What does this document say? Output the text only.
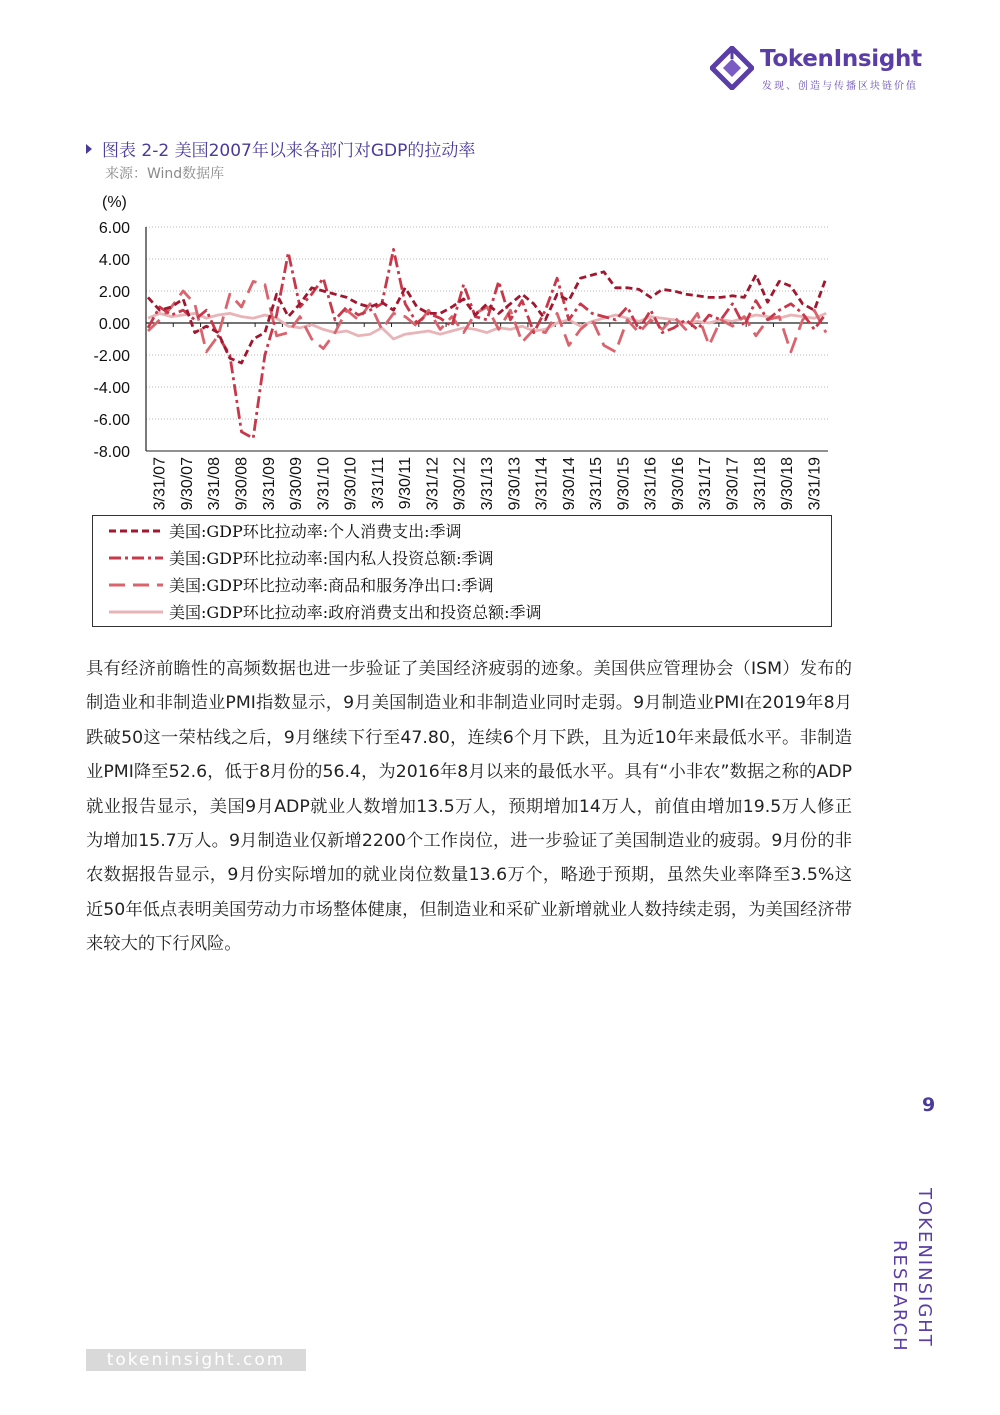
TokenInsight
发现、创造与传播区块链价值
图表 2-2 美国2007年以来各部门对GDP的拉动率
来源：Wind数据库
(%)
6.00
4.00
2.00
0.00
-2.00
-4.00
-6.00
-8.00
3/31/07 9/30/07 3/31/08 9/30/08 3/31/09 9/30/09 3/31/10 9/30/10 3/31/11 9/30/11 3/31/12 9/30/12 3/31/13 9/30/13 3/31/14 9/30/14 3/31/15 9/30/15 3/31/16 9/30/16 3/31/17 9/30/17 3/31/18 9/30/18 3/31/19
美国:GDP环比拉动率:个人消费支出:季调
美国:GDP环比拉动率:国内私人投资总额:季调
美国:GDP环比拉动率:商品和服务净出口:季调
美国:GDP环比拉动率:政府消费支出和投资总额:季调
具有经济前瞻性的高频数据也进一步验证了美国经济疲弱的迹象。美国供应管理协会（ISM）发布的制造业和非制造业PMI指数显示，9月美国制造业和非制造业同时走弱。9月制造业PMI在2019年8月跌破50这一荣枯线之后，9月继续下行至47.80，连续6个月下跌，且为近10年来最低水平。非制造业PMI降至52.6，低于8月份的56.4，为2016年8月以来的最低水平。具有“小非农”数据之称的ADP就业报告显示，美国9月ADP就业人数增加13.5万人，预期增加14万人，前值由增加19.5万人修正为增加15.7万人。9月制造业仅新增2200个工作岗位，进一步验证了美国制造业的疲弱。9月份的非农数据报告显示，9月份实际增加的就业岗位数量13.6万个，略逊于预期，虽然失业率降至3.5%这近50年低点表明美国劳动力市场整体健康，但制造业和采矿业新增就业人数持续走弱，为美国经济带来较大的下行风险。
9
TOKENINSIGHT
RESEARCH
tokeninsight.com
